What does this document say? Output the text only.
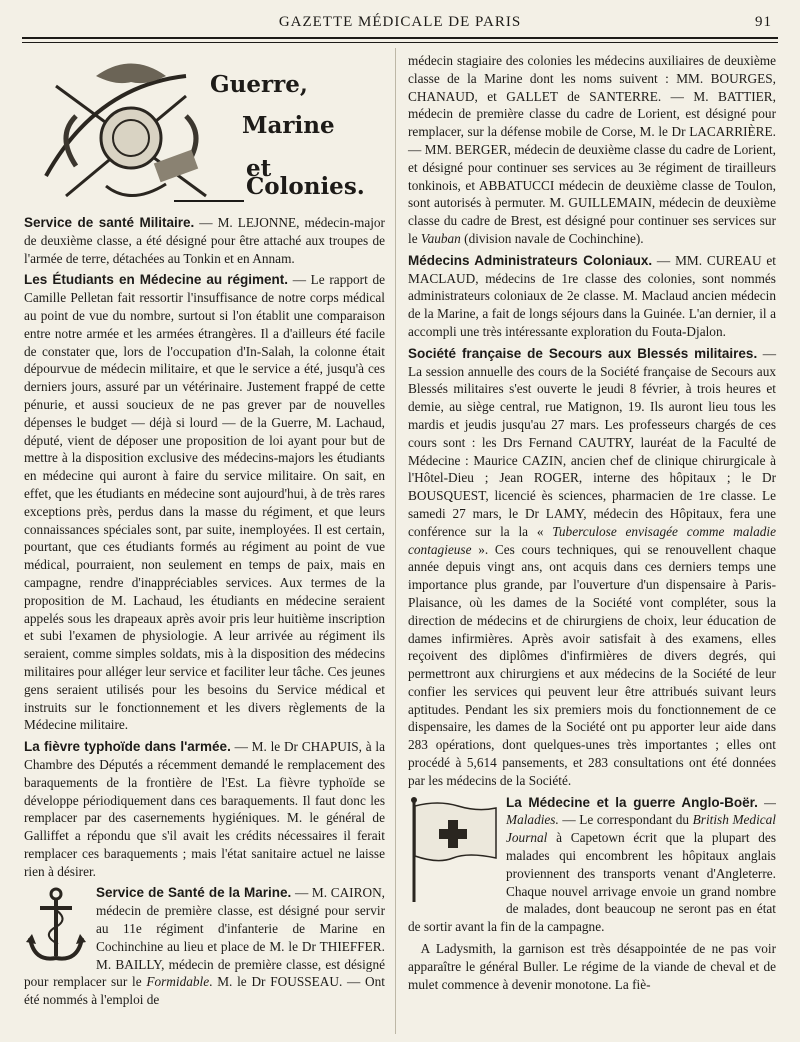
GAZETTE MÉDICALE DE PARIS	91
Guerre,
Marine
et Colonies.

Service de santé Militaire. — M. LEJONNE, médecin-major de deuxième classe, a été désigné pour être attaché aux troupes de l'armée de terre, détachées au Tonkin et en Annam.

Les Étudiants en Médecine au régiment. — Le rapport de Camille Pelletan fait ressortir l'insuffisance de notre corps médical au point de vue du nombre, surtout si l'on établit une comparaison entre notre armée et les armées étrangères. Il a d'ailleurs été facile de constater que, lors de l'occupation d'In-Salah, la colonne était dépourvue de médecin militaire, et que le service a été, jusqu'à ces derniers jours, assuré par un vétérinaire. Justement frappé de cette pénurie, et aussi soucieux de ne pas grever par de nouvelles dépenses le budget — déjà si lourd — de la Guerre, M. Lachaud, député, vient de déposer une proposition de loi ayant pour but de mettre à la disposition exclusive des médecins-majors les étudiants en médecine qui auront à faire du service militaire. On sait, en effet, que les étudiants en médecine sont aujourd'hui, à de très rares exceptions près, perdus dans la masse du régiment, et que leurs connaissances spéciales sont, par suite, inemployées. Il est certain, pourtant, que ces étudiants formés au régiment au point de vue médical, pourraient, non seulement en temps de paix, mais en campagne, rendre d'inappréciables services. Aux termes de la proposition de M. Lachaud, les étudiants en médecine seraient appelés sous les drapeaux après avoir pris leur huitième inscription et subi l'examen de physiologie. A leur arrivée au régiment ils seraient, comme simples soldats, mis à la disposition des médecins militaires pour alléger leur service et faciliter leur tâche. Ces jeunes gens seraient utilisés pour les besoins du Service médical et instruits sur le fonctionnement et les divers règlements de la Médecine militaire.

La fièvre typhoïde dans l'armée. — M. le Dr CHAPUIS, à la Chambre des Députés a récemment demandé le remplacement des baraquements de la frontière de l'Est. La fièvre typhoïde se développe périodiquement dans ces baraquements. Il faut donc les remplacer par des casernements hygiéniques. M. le général de Galliffet a répondu que s'il avait les crédits nécessaires il ferait remplacer ces baraquements ; mais l'état sanitaire actuel ne laisse rien à désirer.

Service de Santé de la Marine. — M. CAIRON, médecin de première classe, est désigné pour servir au 11e régiment d'infanterie de Marine en Cochinchine au lieu et place de M. le Dr THIEFFER. M. BAILLY, médecin de première classe, est désigné pour remplacer sur le Formidable. M. le Dr FOUSSEAU. — Ont été nommés à l'emploi de

médecin stagiaire des colonies les médecins auxiliaires de deuxième classe de la Marine dont les noms suivent : MM. BOURGES, CHANAUD, et GALLET de SANTERRE. — M. BATTIER, médecin de première classe du cadre de Lorient, est désigné pour remplacer, sur la défense mobile de Corse, M. le Dr LACARRIÈRE. — MM. BERGER, médecin de deuxième classe du cadre de Lorient, et désigné pour continuer ses services au 3e régiment de tirailleurs tonkinois, et ABBATUCCI médecin de deuxième classe de Toulon, sont autorisés à permuter. M. GUILLEMAIN, médecin de deuxième classe du cadre de Brest, est désigné pour continuer ses services sur le Vauban (division navale de Cochinchine).

Médecins Administrateurs Coloniaux. — MM. CUREAU et MACLAUD, médecins de 1re classe des colonies, sont nommés administrateurs coloniaux de 2e classe. M. Maclaud ancien médecin de la Marine, a fait de longs séjours dans la Guinée. L'an dernier, il a accompli une très intéressante exploration du Fouta-Djalon.

Société française de Secours aux Blessés militaires. — La session annuelle des cours de la Société française de Secours aux Blessés militaires s'est ouverte le jeudi 8 février, à trois heures et demie, au siège central, rue Matignon, 19. Ils auront lieu tous les mardis et jeudis jusqu'au 27 mars. Les professeurs chargés de ces cours sont : les Drs Fernand CAUTRY, lauréat de la Faculté de Médecine : Maurice CAZIN, ancien chef de clinique chirurgicale à l'Hôtel-Dieu ; Jean ROGER, interne des hôpitaux ; le Dr BOUSQUEST, licencié ès sciences, pharmacien de 1re classe. Le samedi 27 mars, le Dr LAMY, médecin des Hôpitaux, fera une conférence sur la la « Tuberculose envisagée comme maladie contagieuse ». Ces cours techniques, qui se renouvellent chaque année depuis vingt ans, ont acquis dans ces derniers temps une importance plus grande, par l'ouverture d'un dispensaire à Paris-Plaisance, où les dames de la Société vont compléter, sous la direction de médecins et de chirurgiens de choix, leur éducation de dames infirmières. Après avoir satisfait à des examens, elles reçoivent des diplômes d'infirmières de divers degrés, qui permettront aux chirurgiens et aux médecins de la Société de leur confier les services qui peuvent leur être attribués suivant leurs aptitudes. Pendant les six premiers mois du fonctionnement de ce dispensaire, les dames de la Société ont pu apporter leur aide dans 283 opérations, dont quelques-unes très importantes ; elles ont procédé à 5,614 pansements, et 283 consultations ont été données par les médecins de la Société.

La Médecine et la guerre Anglo-Boër. — Maladies. — Le correspondant du British Medical Journal à Capetown écrit que la plupart des malades qui encombrent les hôpitaux anglais proviennent des transports venant d'Angleterre. Chaque nouvel arrivage envoie un grand nombre de malades, dont beaucoup ne seront pas en état de sortir avant la fin de la campagne.

A Ladysmith, la garnison est très désappointée de ne pas voir apparaître le général Buller. Le régime de la viande de cheval et de mulet commence à devenir monotone. La fiè-
